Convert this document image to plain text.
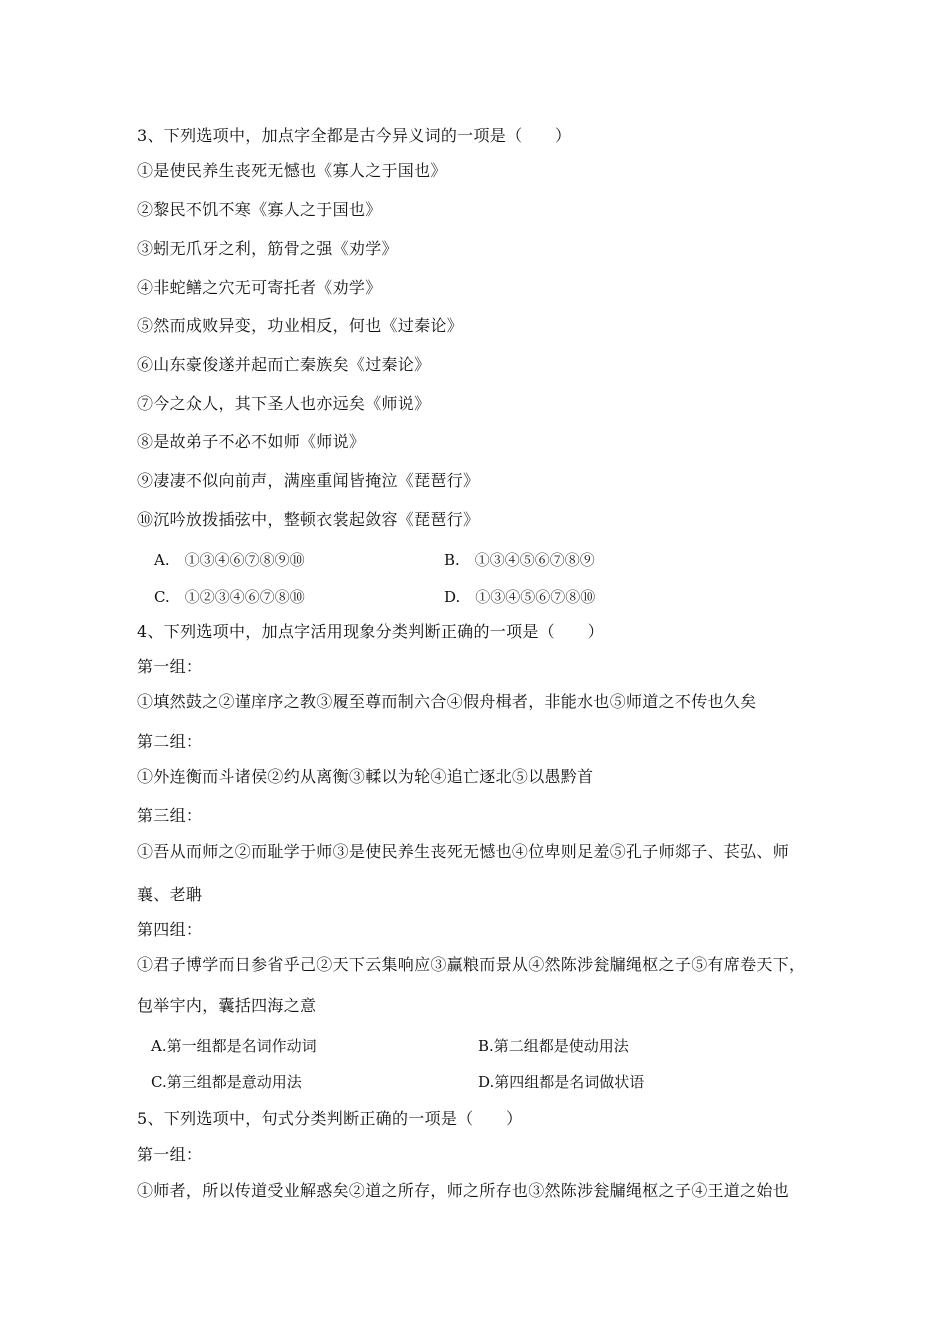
3、下列选项中，加点字全都是古今异义词的一项是（　　）
①是使民养生丧死无憾也《寡人之于国也》
②黎民不饥不寒《寡人之于国也》
③蚓无爪牙之利，筋骨之强《劝学》
④非蛇鳝之穴无可寄托者《劝学》
⑤然而成败异变，功业相反，何也《过秦论》
⑥山东豪俊遂并起而亡秦族矣《过秦论》
⑦今之众人，其下圣人也亦远矣《师说》
⑧是故弟子不必不如师《师说》
⑨凄凄不似向前声，满座重闻皆掩泣《琵琶行》
⑩沉吟放拨插弦中，整顿衣裳起敛容《琵琶行》
A.　①③④⑥⑦⑧⑨⑩	B.　①③④⑤⑥⑦⑧⑨
C.　①②③④⑥⑦⑧⑩	D.　①③④⑤⑥⑦⑧⑩
4、下列选项中，加点字活用现象分类判断正确的一项是（　　）
第一组：
①填然鼓之②谨庠序之教③履至尊而制六合④假舟楫者，非能水也⑤师道之不传也久矣
第二组：
①外连衡而斗诸侯②约从离衡③輮以为轮④追亡逐北⑤以愚黔首
第三组：
①吾从而师之②而耻学于师③是使民养生丧死无憾也④位卑则足羞⑤孔子师郯子、苌弘、师
襄、老聃
第四组：
①君子博学而日参省乎己②天下云集响应③赢粮而景从④然陈涉瓮牖绳枢之子⑤有席卷天下，
包举宇内，囊括四海之意
A.第一组都是名词作动词	B.第二组都是使动用法
C.第三组都是意动用法	D.第四组都是名词做状语
5、下列选项中，句式分类判断正确的一项是（　　）
第一组：
①师者，所以传道受业解惑矣②道之所存，师之所存也③然陈涉瓮牖绳枢之子④王道之始也
